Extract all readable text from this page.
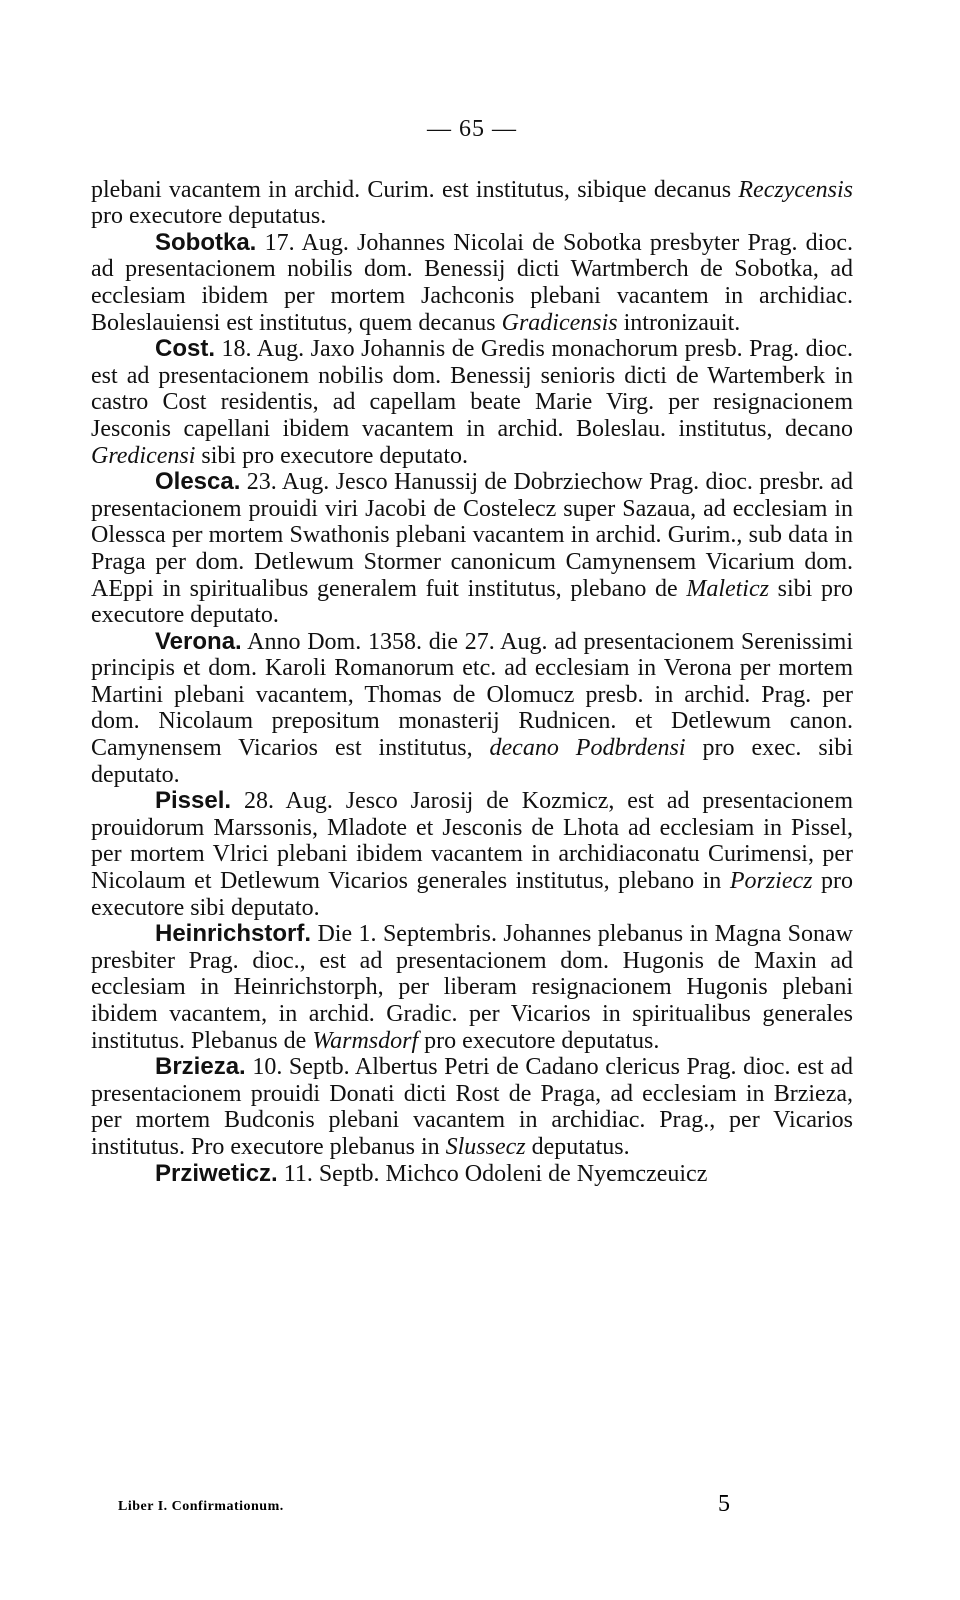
— 65 —

plebani vacantem in archid. Curim. est institutus, sibique decanus Reczycensis pro executore deputatus.

Sobotka. 17. Aug. Johannes Nicolai de Sobotka presbyter Prag. dioc. ad presentacionem nobilis dom. Benessij dicti Wartmberch de Sobotka, ad ecclesiam ibidem per mortem Jachconis plebani vacantem in archidiac. Boleslauiensi est institutus, quem decanus Gradicensis intronizauit.

Cost. 18. Aug. Jaxo Johannis de Gredis monachorum presb. Prag. dioc. est ad presentacionem nobilis dom. Benessij senioris dicti de Wartemberk in castro Cost residentis, ad capellam beate Marie Virg. per resignacionem Jesconis capellani ibidem vacantem in archid. Boleslau. institutus, decano Gredicensi sibi pro executore deputato.

Olesca. 23. Aug. Jesco Hanussij de Dobrziechow Prag. dioc. presbr. ad presentacionem prouidi viri Jacobi de Costelecz super Sazaua, ad ecclesiam in Olessca per mortem Swathonis plebani vacantem in archid. Gurim., sub data in Praga per dom. Detlewum Stormer canonicum Camynensem Vicarium dom. AEppi in spiritualibus generalem fuit institutus, plebano de Maleticz sibi pro executore deputato.

Verona. Anno Dom. 1358. die 27. Aug. ad presentacionem Serenissimi principis et dom. Karoli Romanorum etc. ad ecclesiam in Verona per mortem Martini plebani vacantem, Thomas de Olomucz presb. in archid. Prag. per dom. Nicolaum prepositum monasterij Rudnicen. et Detlewum canon. Camynensem Vicarios est institutus, decano Podbrdensi pro exec. sibi deputato.

Pissel. 28. Aug. Jesco Jarosij de Kozmicz, est ad presentacionem prouidorum Marssonis, Mladote et Jesconis de Lhota ad ecclesiam in Pissel, per mortem Vlrici plebani ibidem vacantem in archidiaconatu Curimensi, per Nicolaum et Detlewum Vicarios generales institutus, plebano in Porziecz pro executore sibi deputato.

Heinrichstorf. Die 1. Septembris. Johannes plebanus in Magna Sonaw presbiter Prag. dioc., est ad presentacionem dom. Hugonis de Maxin ad ecclesiam in Heinrichstorph, per liberam resignacionem Hugonis plebani ibidem vacantem, in archid. Gradic. per Vicarios in spiritualibus generales institutus. Plebanus de Warmsdorf pro executore deputatus.

Brzieza. 10. Septb. Albertus Petri de Cadano clericus Prag. dioc. est ad presentacionem prouidi Donati dicti Rost de Praga, ad ecclesiam in Brzieza, per mortem Budconis plebani vacantem in archidiac. Prag., per Vicarios institutus. Pro executore plebanus in Slussecz deputatus.

Prziweticz. 11. Septb. Michco Odoleni de Nyemczeuicz

Liber I. Confirmationum.	5
